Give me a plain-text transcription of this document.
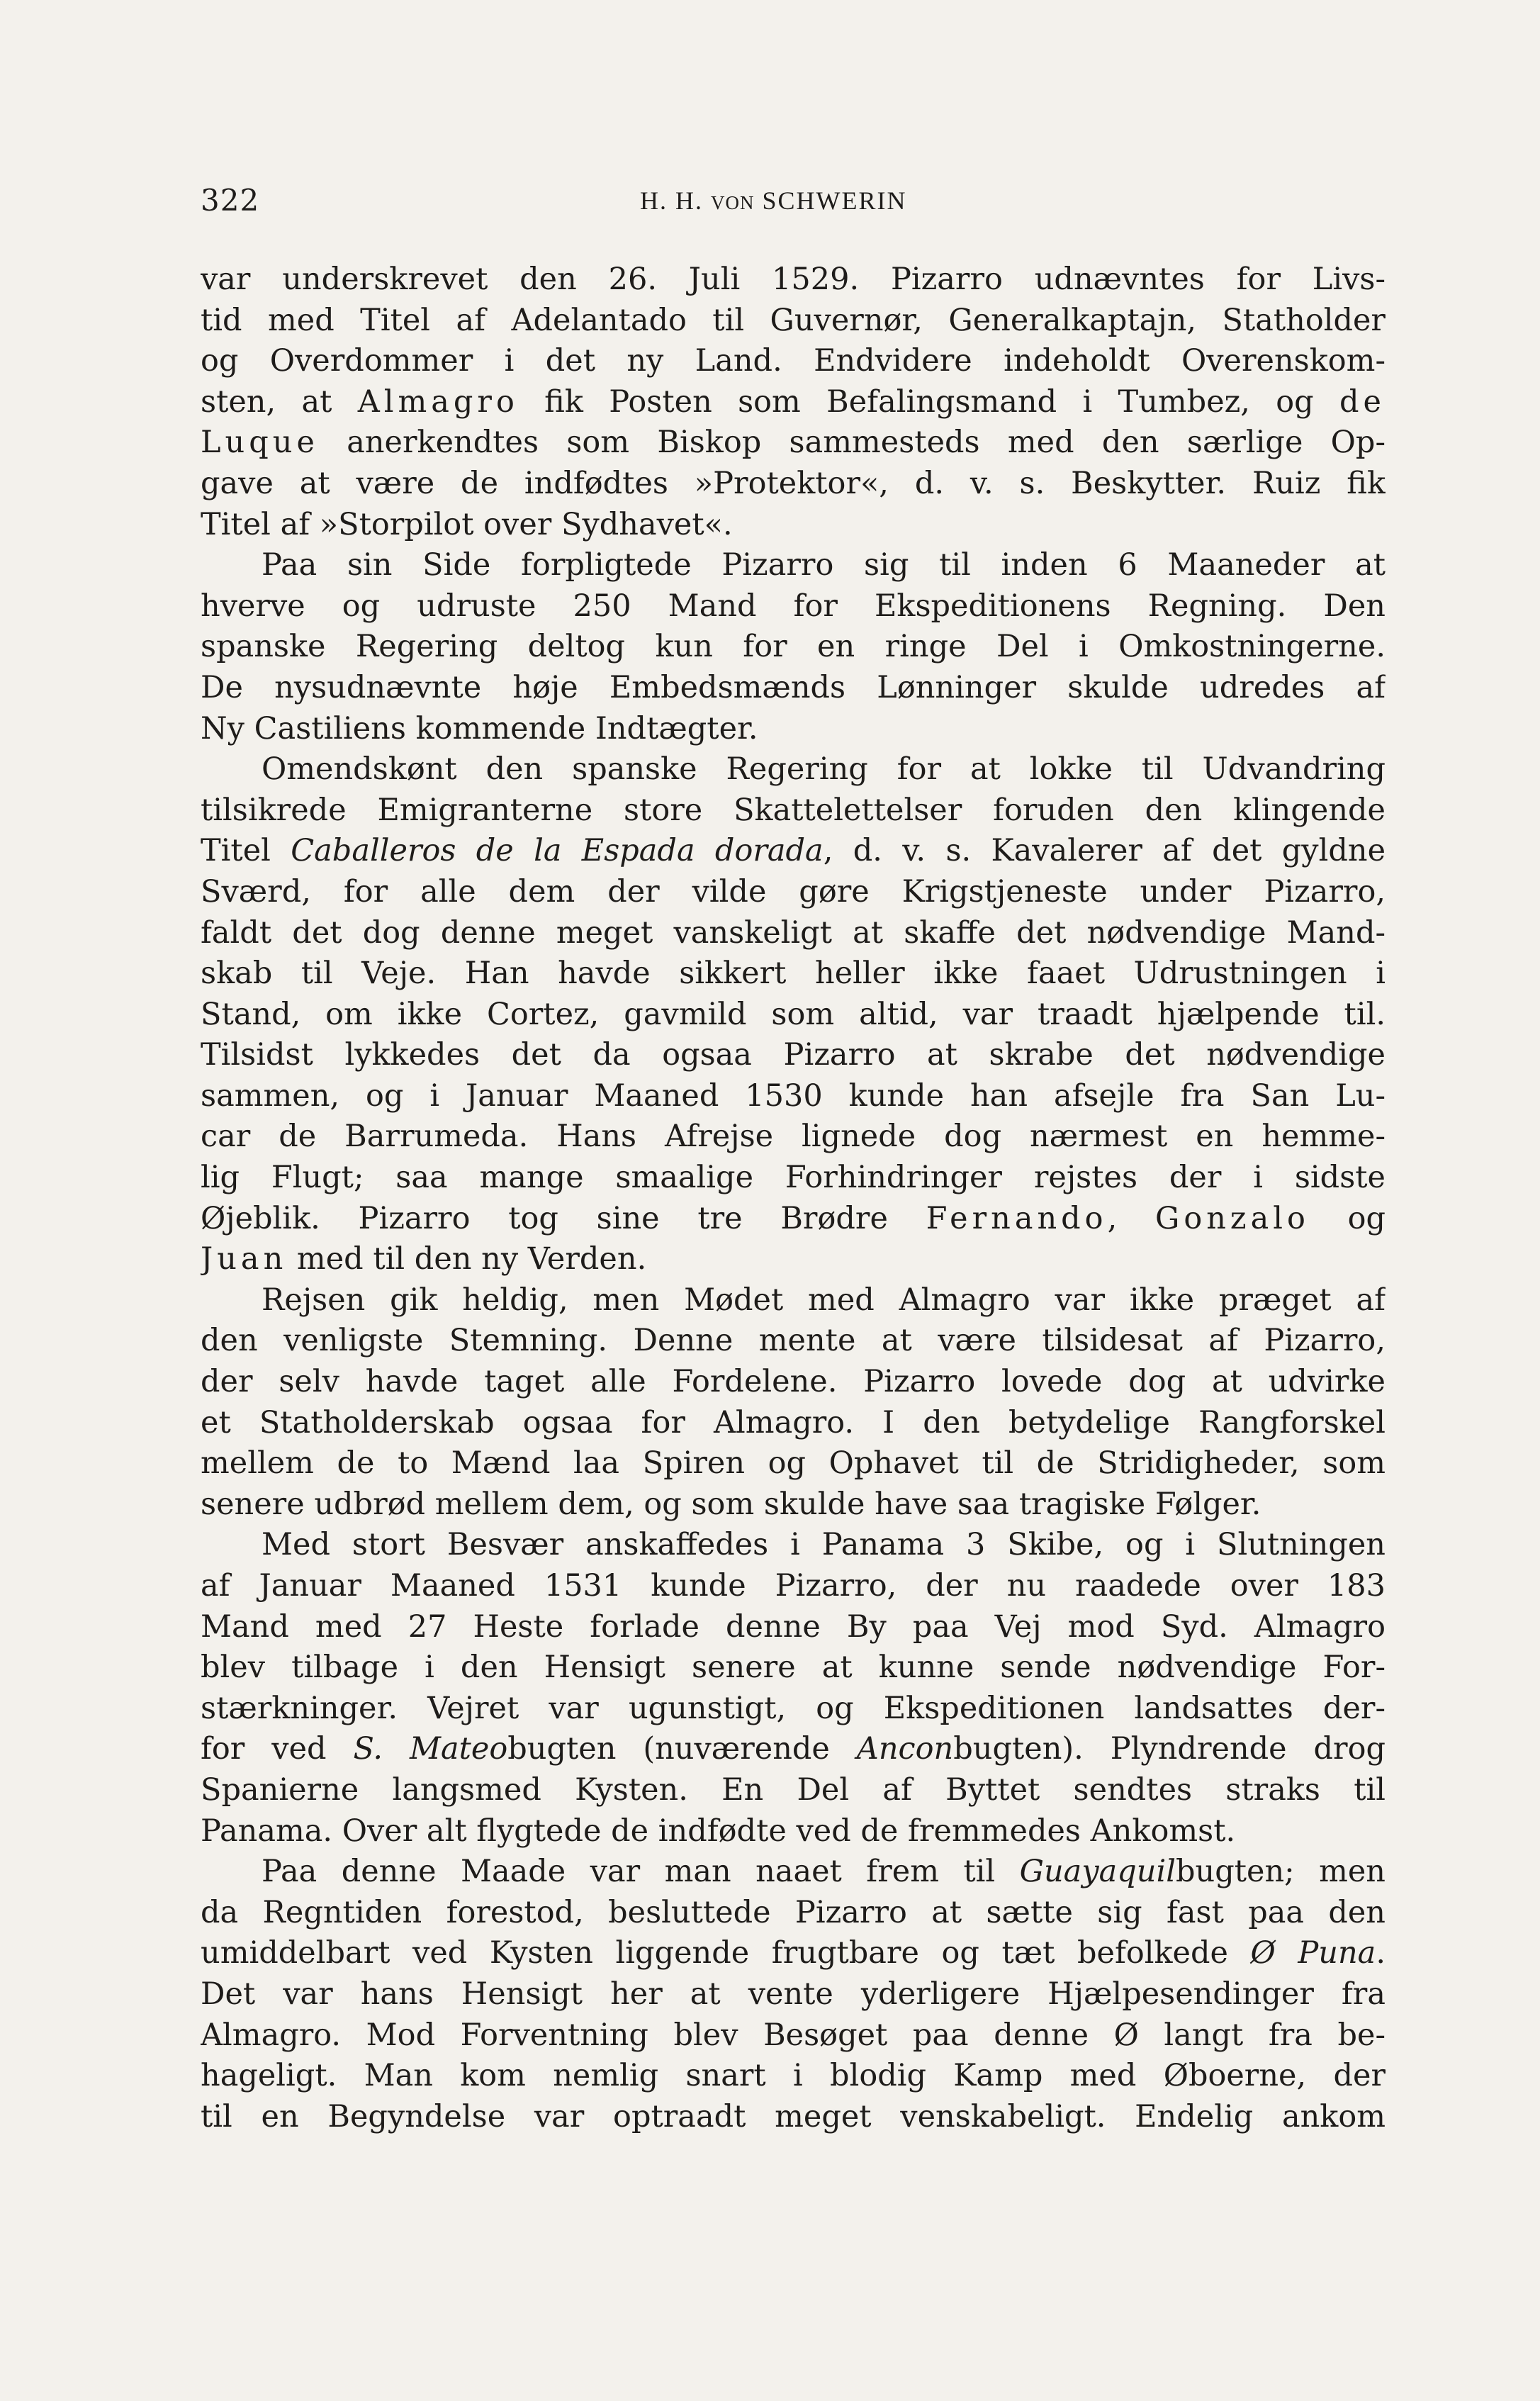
322	H. H. VON SCHWERIN
var underskrevet den 26. Juli 1529. Pizarro udnævntes for Livs-
tid med Titel af Adelantado til Guvernør, Generalkaptajn, Statholder
og Overdommer i det ny Land. Endvidere indeholdt Overenskom-
sten, at Almagro fik Posten som Befalingsmand i Tumbez, og de
Luque anerkendtes som Biskop sammesteds med den særlige Op-
gave at være de indfødtes »Protektor«, d. v. s. Beskytter. Ruiz fik
Titel af »Storpilot over Sydhavet«.
Paa sin Side forpligtede Pizarro sig til inden 6 Maaneder at
hverve og udruste 250 Mand for Ekspeditionens Regning. Den
spanske Regering deltog kun for en ringe Del i Omkostningerne.
De nysudnævnte høje Embedsmænds Lønninger skulde udredes af
Ny Castiliens kommende Indtægter.
Omendskønt den spanske Regering for at lokke til Udvandring
tilsikrede Emigranterne store Skattelettelser foruden den klingende
Titel Caballeros de la Espada dorada, d. v. s. Kavalerer af det gyldne
Sværd, for alle dem der vilde gøre Krigstjeneste under Pizarro,
faldt det dog denne meget vanskeligt at skaffe det nødvendige Mand-
skab til Veje. Han havde sikkert heller ikke faaet Udrustningen i
Stand, om ikke Cortez, gavmild som altid, var traadt hjælpende til.
Tilsidst lykkedes det da ogsaa Pizarro at skrabe det nødvendige
sammen, og i Januar Maaned 1530 kunde han afsejle fra San Lu-
car de Barrumeda. Hans Afrejse lignede dog nærmest en hemme-
lig Flugt; saa mange smaalige Forhindringer rejstes der i sidste
Øjeblik. Pizarro tog sine tre Brødre Fernando, Gonzalo og
Juan med til den ny Verden.
Rejsen gik heldig, men Mødet med Almagro var ikke præget af
den venligste Stemning. Denne mente at være tilsidesat af Pizarro,
der selv havde taget alle Fordelene. Pizarro lovede dog at udvirke
et Statholderskab ogsaa for Almagro. I den betydelige Rangforskel
mellem de to Mænd laa Spiren og Ophavet til de Stridigheder, som
senere udbrød mellem dem, og som skulde have saa tragiske Følger.
Med stort Besvær anskaffedes i Panama 3 Skibe, og i Slutningen
af Januar Maaned 1531 kunde Pizarro, der nu raadede over 183
Mand med 27 Heste forlade denne By paa Vej mod Syd. Almagro
blev tilbage i den Hensigt senere at kunne sende nødvendige For-
stærkninger. Vejret var ugunstigt, og Ekspeditionen landsattes der-
for ved S. Mateobugten (nuværende Anconbugten). Plyndrende drog
Spanierne langsmed Kysten. En Del af Byttet sendtes straks til
Panama. Over alt flygtede de indfødte ved de fremmedes Ankomst.
Paa denne Maade var man naaet frem til Guayaquilbugten; men
da Regntiden forestod, besluttede Pizarro at sætte sig fast paa den
umiddelbart ved Kysten liggende frugtbare og tæt befolkede Ø Puna.
Det var hans Hensigt her at vente yderligere Hjælpesendinger fra
Almagro. Mod Forventning blev Besøget paa denne Ø langt fra be-
hageligt. Man kom nemlig snart i blodig Kamp med Øboerne, der
til en Begyndelse var optraadt meget venskabeligt. Endelig ankom
